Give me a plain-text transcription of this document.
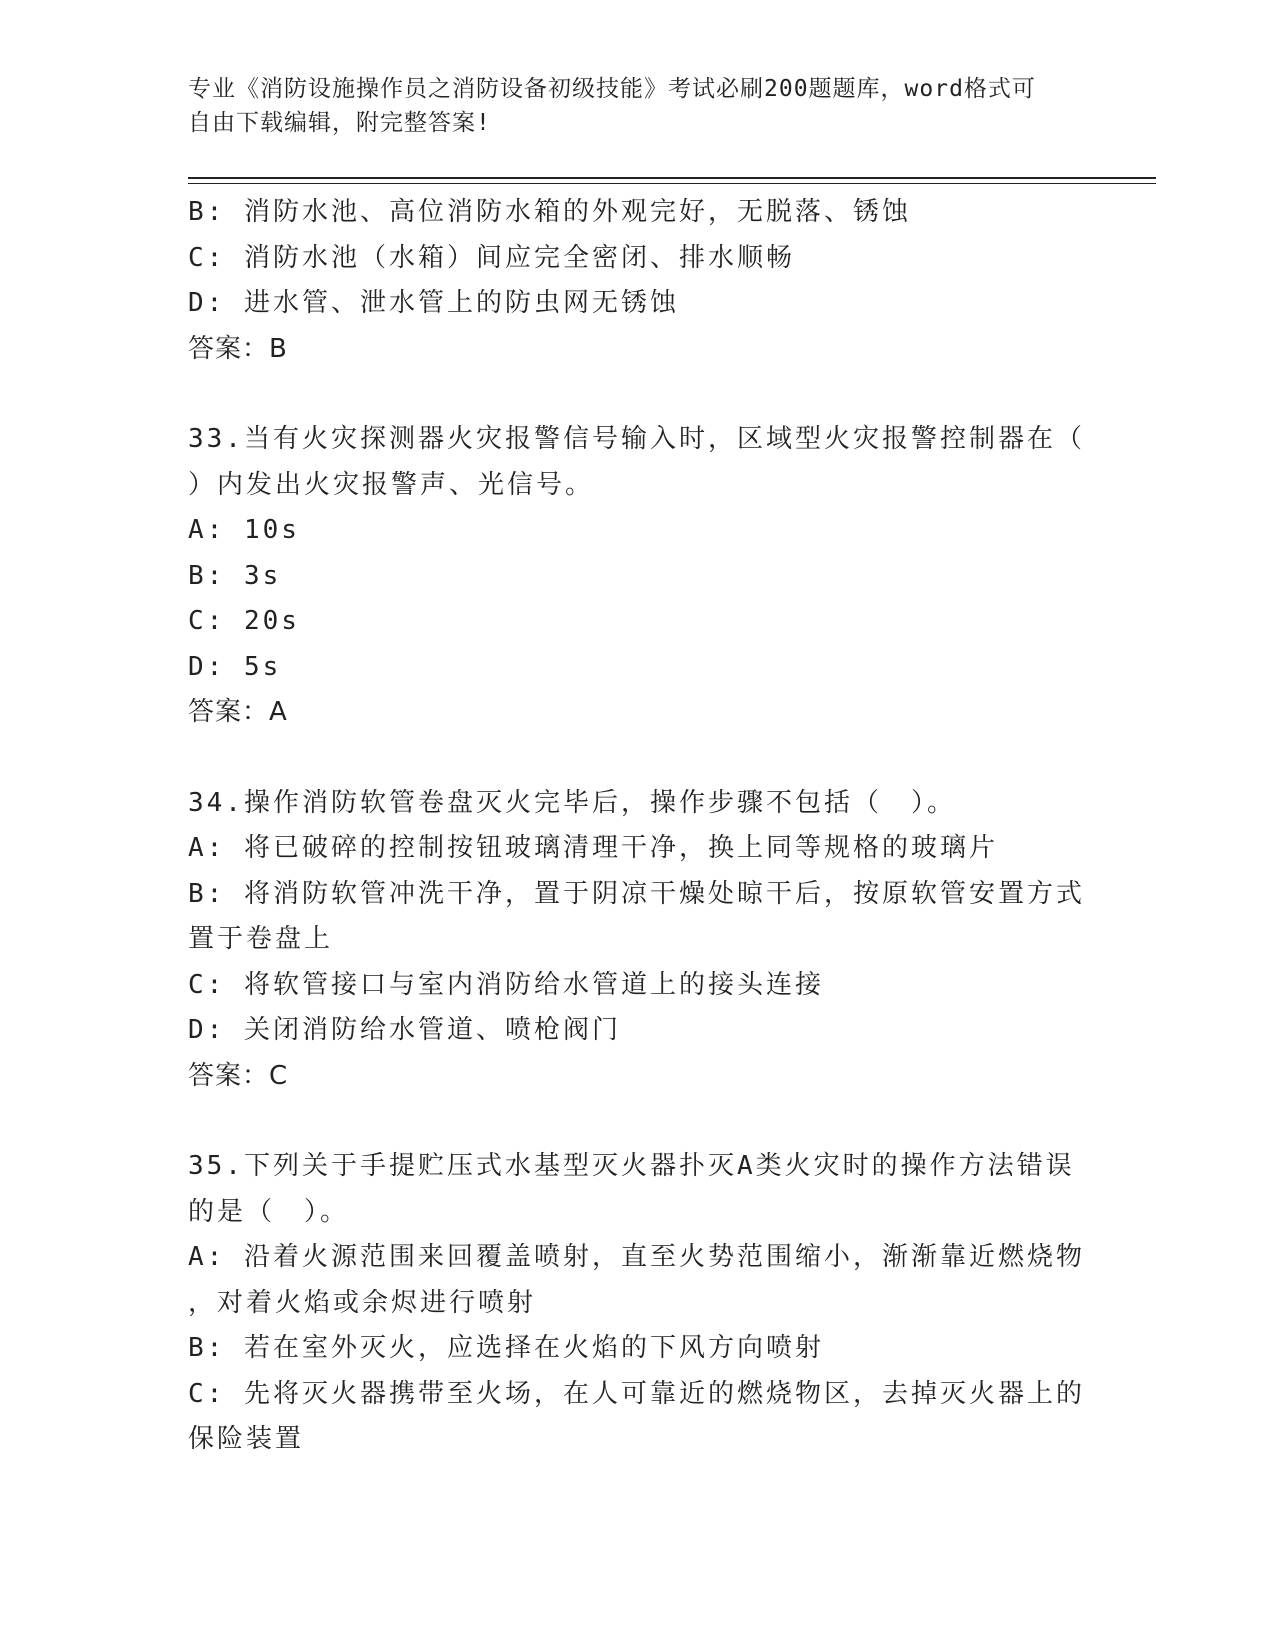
专业《消防设施操作员之消防设备初级技能》考试必刷200题题库，word格式可
自由下载编辑，附完整答案!
B: 消防水池、高位消防水箱的外观完好，无脱落、锈蚀
C: 消防水池（水箱）间应完全密闭、排水顺畅
D: 进水管、泄水管上的防虫网无锈蚀
答案：B
33.当有火灾探测器火灾报警信号输入时，区域型火灾报警控制器在（
）内发出火灾报警声、光信号。
A: 10s
B: 3s
C: 20s
D: 5s
答案：A
34.操作消防软管卷盘灭火完毕后，操作步骤不包括（　）。
A: 将已破碎的控制按钮玻璃清理干净，换上同等规格的玻璃片
B: 将消防软管冲洗干净，置于阴凉干燥处晾干后，按原软管安置方式
置于卷盘上
C: 将软管接口与室内消防给水管道上的接头连接
D: 关闭消防给水管道、喷枪阀门
答案：C
35.下列关于手提贮压式水基型灭火器扑灭A类火灾时的操作方法错误
的是（　）。
A: 沿着火源范围来回覆盖喷射，直至火势范围缩小，渐渐靠近燃烧物
，对着火焰或余烬进行喷射
B: 若在室外灭火，应选择在火焰的下风方向喷射
C: 先将灭火器携带至火场，在人可靠近的燃烧物区，去掉灭火器上的
保险装置
